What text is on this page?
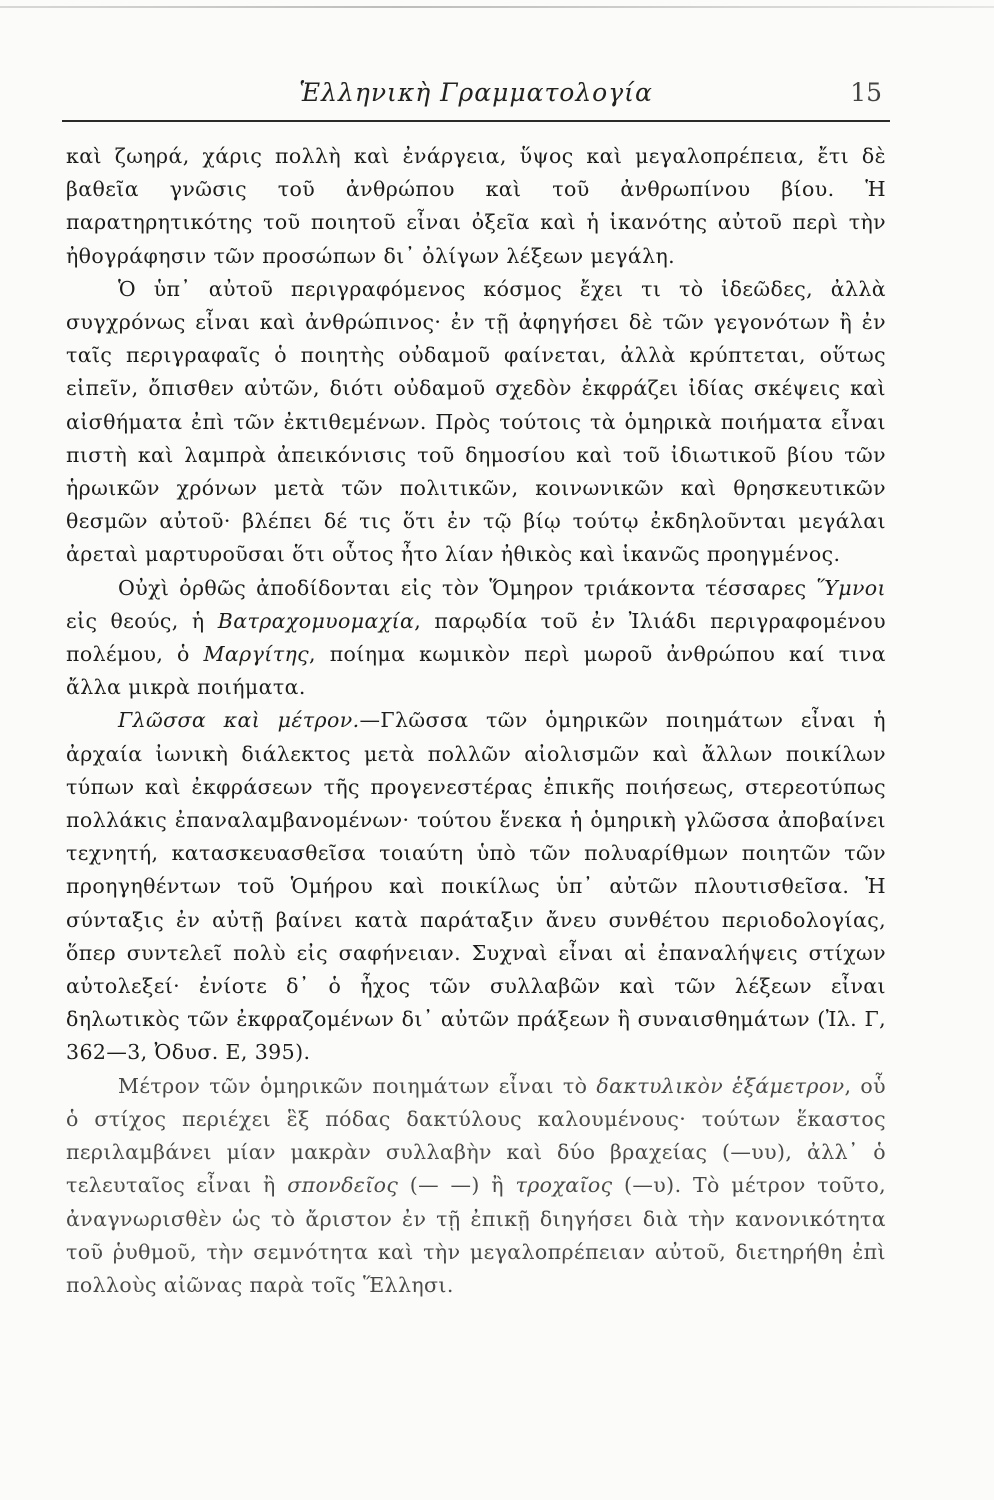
Ἑλληνικὴ Γραμματολογία	15

καὶ ζωηρά, χάρις πολλὴ καὶ ἐνάργεια, ὕψος καὶ μεγαλοπρέπεια, ἔτι δὲ βαθεῖα γνῶσις τοῦ ἀνθρώπου καὶ τοῦ ἀνθρωπίνου βίου. Ἡ παρατηρητικότης τοῦ ποιητοῦ εἶναι ὀξεῖα καὶ ἡ ἱκανότης αὐτοῦ περὶ τὴν ἠθογράφησιν τῶν προσώπων δι᾿ ὀλίγων λέξεων μεγάλη.

Ὁ ὑπ᾿ αὐτοῦ περιγραφόμενος κόσμος ἔχει τι τὸ ἰδεῶδες, ἀλλὰ συγχρόνως εἶναι καὶ ἀνθρώπινος· ἐν τῇ ἀφηγήσει δὲ τῶν γεγονότων ἢ ἐν ταῖς περιγραφαῖς ὁ ποιητὴς οὐδαμοῦ φαίνεται, ἀλλὰ κρύπτεται, οὕτως εἰπεῖν, ὄπισθεν αὐτῶν, διότι οὐδαμοῦ σχεδὸν ἐκφράζει ἰδίας σκέψεις καὶ αἰσθήματα ἐπὶ τῶν ἐκτιθεμένων. Πρὸς τούτοις τὰ ὁμηρικὰ ποιήματα εἶναι πιστὴ καὶ λαμπρὰ ἀπεικόνισις τοῦ δημοσίου καὶ τοῦ ἰδιωτικοῦ βίου τῶν ἡρωικῶν χρόνων μετὰ τῶν πολιτικῶν, κοινωνικῶν καὶ θρησκευτικῶν θεσμῶν αὐτοῦ· βλέπει δέ τις ὅτι ἐν τῷ βίῳ τούτῳ ἐκδηλοῦνται μεγάλαι ἀρεταὶ μαρτυροῦσαι ὅτι οὗτος ἦτο λίαν ἠθικὸς καὶ ἱκανῶς προηγμένος.

Οὐχὶ ὀρθῶς ἀποδίδονται εἰς τὸν Ὅμηρον τριάκοντα τέσσαρες Ὕμνοι εἰς θεούς, ἡ Βατραχομυομαχία, παρῳδία τοῦ ἐν Ἰλιάδι περιγραφομένου πολέμου, ὁ Μαργίτης, ποίημα κωμικὸν περὶ μωροῦ ἀνθρώπου καί τινα ἄλλα μικρὰ ποιήματα.

Γλῶσσα καὶ μέτρον.—Γλῶσσα τῶν ὁμηρικῶν ποιημάτων εἶναι ἡ ἀρχαία ἰωνικὴ διάλεκτος μετὰ πολλῶν αἰολισμῶν καὶ ἄλλων ποικίλων τύπων καὶ ἐκφράσεων τῆς προγενεστέρας ἐπικῆς ποιήσεως, στερεοτύπως πολλάκις ἐπαναλαμβανομένων· τούτου ἕνεκα ἡ ὁμηρικὴ γλῶσσα ἀποβαίνει τεχνητή, κατασκευασθεῖσα τοιαύτη ὑπὸ τῶν πολυαρίθμων ποιητῶν τῶν προηγηθέντων τοῦ Ὁμήρου καὶ ποικίλως ὑπ᾿ αὐτῶν πλουτισθεῖσα. Ἡ σύνταξις ἐν αὐτῇ βαίνει κατὰ παράταξιν ἄνευ συνθέτου περιοδολογίας, ὅπερ συντελεῖ πολὺ εἰς σαφήνειαν. Συχναὶ εἶναι αἱ ἐπαναλήψεις στίχων αὐτολεξεί· ἐνίοτε δ᾿ ὁ ἦχος τῶν συλλαβῶν καὶ τῶν λέξεων εἶναι δηλωτικὸς τῶν ἐκφραζομένων δι᾿ αὐτῶν πράξεων ἢ συναισθημάτων (Ἰλ. Γ, 362—3, Ὀδυσ. Ε, 395).

Μέτρον τῶν ὁμηρικῶν ποιημάτων εἶναι τὸ δακτυλικὸν ἑξάμετρον, οὗ ὁ στίχος περιέχει ἓξ πόδας δακτύλους καλουμένους· τούτων ἕκαστος περιλαμβάνει μίαν μακρὰν συλλαβὴν καὶ δύο βραχείας (—υυ), ἀλλ᾿ ὁ τελευταῖος εἶναι ἢ σπονδεῖος (— —) ἢ τροχαῖος (—υ). Τὸ μέτρον τοῦτο, ἀναγνωρισθὲν ὡς τὸ ἄριστον ἐν τῇ ἐπικῇ διηγήσει διὰ τὴν κανονικότητα τοῦ ῥυθμοῦ, τὴν σεμνότητα καὶ τὴν μεγαλοπρέπειαν αὐτοῦ, διετηρήθη ἐπὶ πολλοὺς αἰῶνας παρὰ τοῖς Ἕλλησι.
